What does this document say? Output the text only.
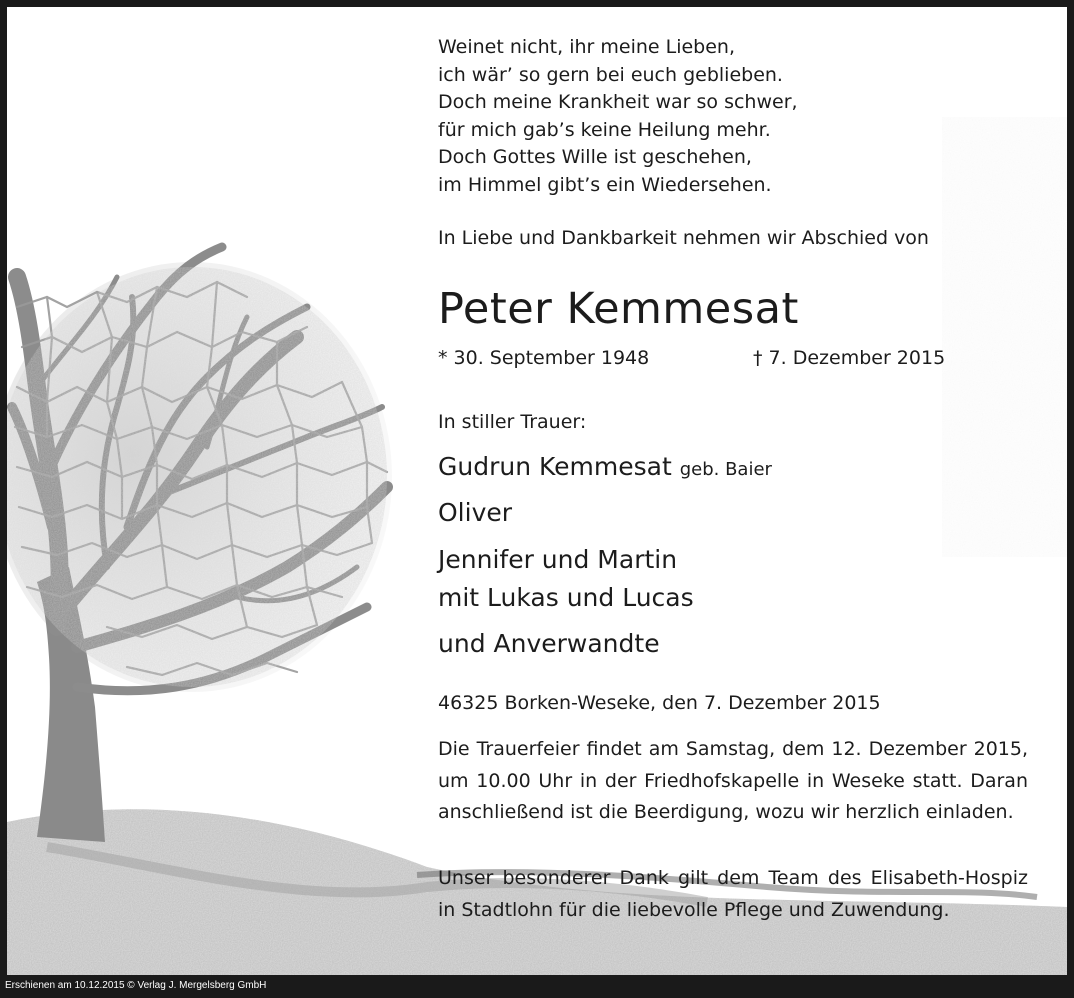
Weinet nicht, ihr meine Lieben,
ich wär’ so gern bei euch geblieben.
Doch meine Krankheit war so schwer,
für mich gab’s keine Heilung mehr.
Doch Gottes Wille ist geschehen,
im Himmel gibt’s ein Wiedersehen.
In Liebe und Dankbarkeit nehmen wir Abschied von
Peter Kemmesat
* 30. September 1948	† 7. Dezember 2015
In stiller Trauer:
Gudrun Kemmesat geb. Baier
Oliver
Jennifer und Martin
mit Lukas und Lucas
und Anverwandte
46325 Borken-Weseke, den 7. Dezember 2015
Die Trauerfeier findet am Samstag, dem 12. Dezember 2015, um 10.00 Uhr in der Friedhofskapelle in Weseke statt. Daran anschließend ist die Beerdigung, wozu wir herzlich einladen.
Unser besonderer Dank gilt dem Team des Elisabeth-Hospiz in Stadtlohn für die liebevolle Pflege und Zuwendung.
Erschienen am 10.12.2015 © Verlag J. Mergelsberg GmbH
